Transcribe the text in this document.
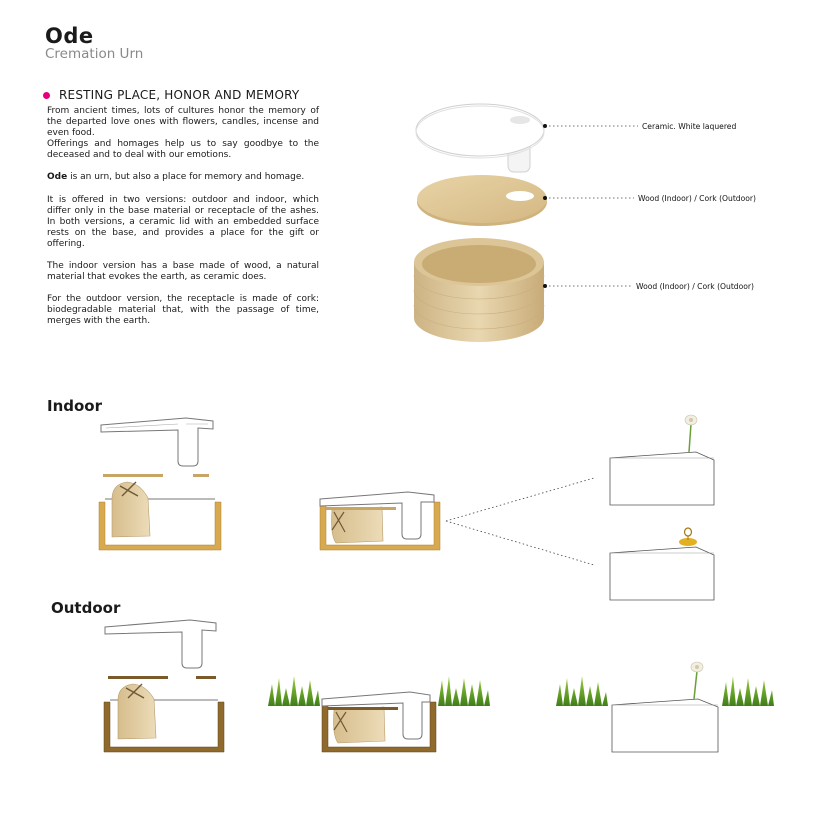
Ode
Cremation Urn
RESTING PLACE, HONOR AND MEMORY

From ancient times, lots of cultures honor the memory of the departed love ones with flowers, candles, incense and even food.

Offerings and homages help us to say goodbye to the deceased and to deal with our emotions.

Ode is an urn, but also a place for memory and homage.

It is offered in two versions: outdoor and indoor, which differ only in the base material or receptacle of the ashes. In both versions, a ceramic lid with an embedded surface rests on the base, and provides a place for the gift or offering.

The indoor version has a base made of wood, a natural material that evokes the earth, as ceramic does.

For the outdoor version, the receptacle is made of cork: biodegradable material that, with the passage of time, merges with the earth.

Ceramic. White laquered
Wood (Indoor) / Cork (Outdoor)
Wood (Indoor) / Cork (Outdoor)
Indoor
Outdoor
